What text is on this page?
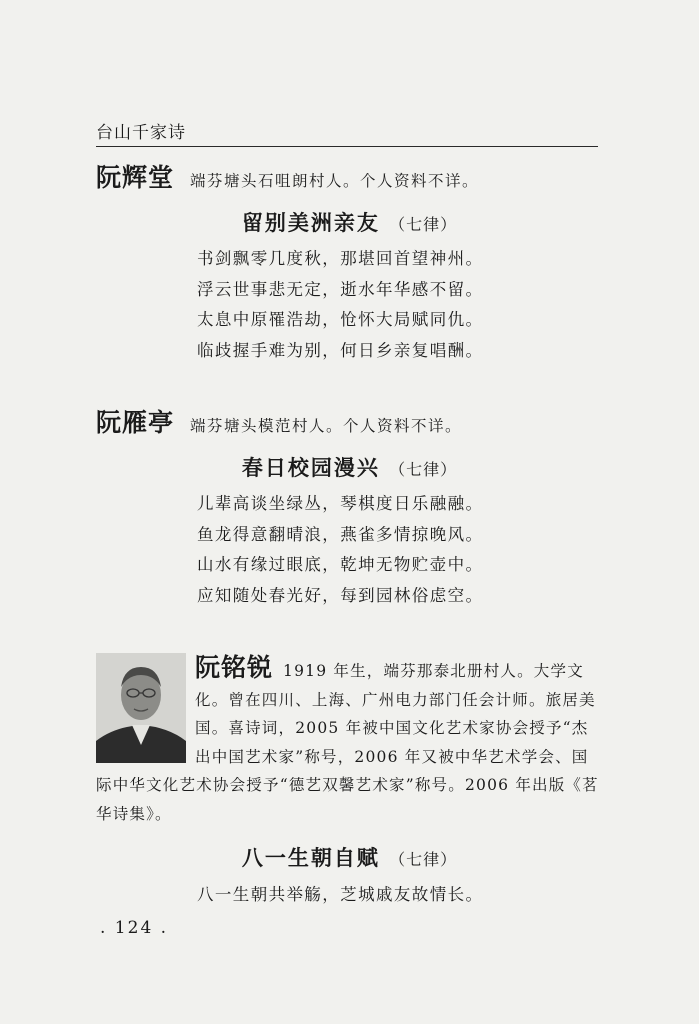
台山千家诗
阮辉堂 端芬塘头石咀朗村人。个人资料不详。
留别美洲亲友 （七律）
书剑飘零几度秋，那堪回首望神州。
浮云世事悲无定，逝水年华感不留。
太息中原罹浩劫，怆怀大局赋同仇。
临歧握手难为别，何日乡亲复唱酬。
阮雁亭 端芬塘头模范村人。个人资料不详。
春日校园漫兴 （七律）
儿辈高谈坐绿丛，琴棋度日乐融融。
鱼龙得意翻晴浪，燕雀多情掠晚风。
山水有缘过眼底，乾坤无物贮壶中。
应知随处春光好，每到园林俗虑空。

阮铭锐 1919 年生，端芬那泰北册村人。大学文化。曾在四川、上海、广州电力部门任会计师。旅居美国。喜诗词，2005 年被中国文化艺术家协会授予“杰出中国艺术家”称号，2006 年又被中华艺术学会、国际中华文化艺术协会授予“德艺双馨艺术家”称号。2006 年出版《茗华诗集》。

八一生朝自赋 （七律）
八一生朝共举觞，芝城戚友故情长。
. 124 .
